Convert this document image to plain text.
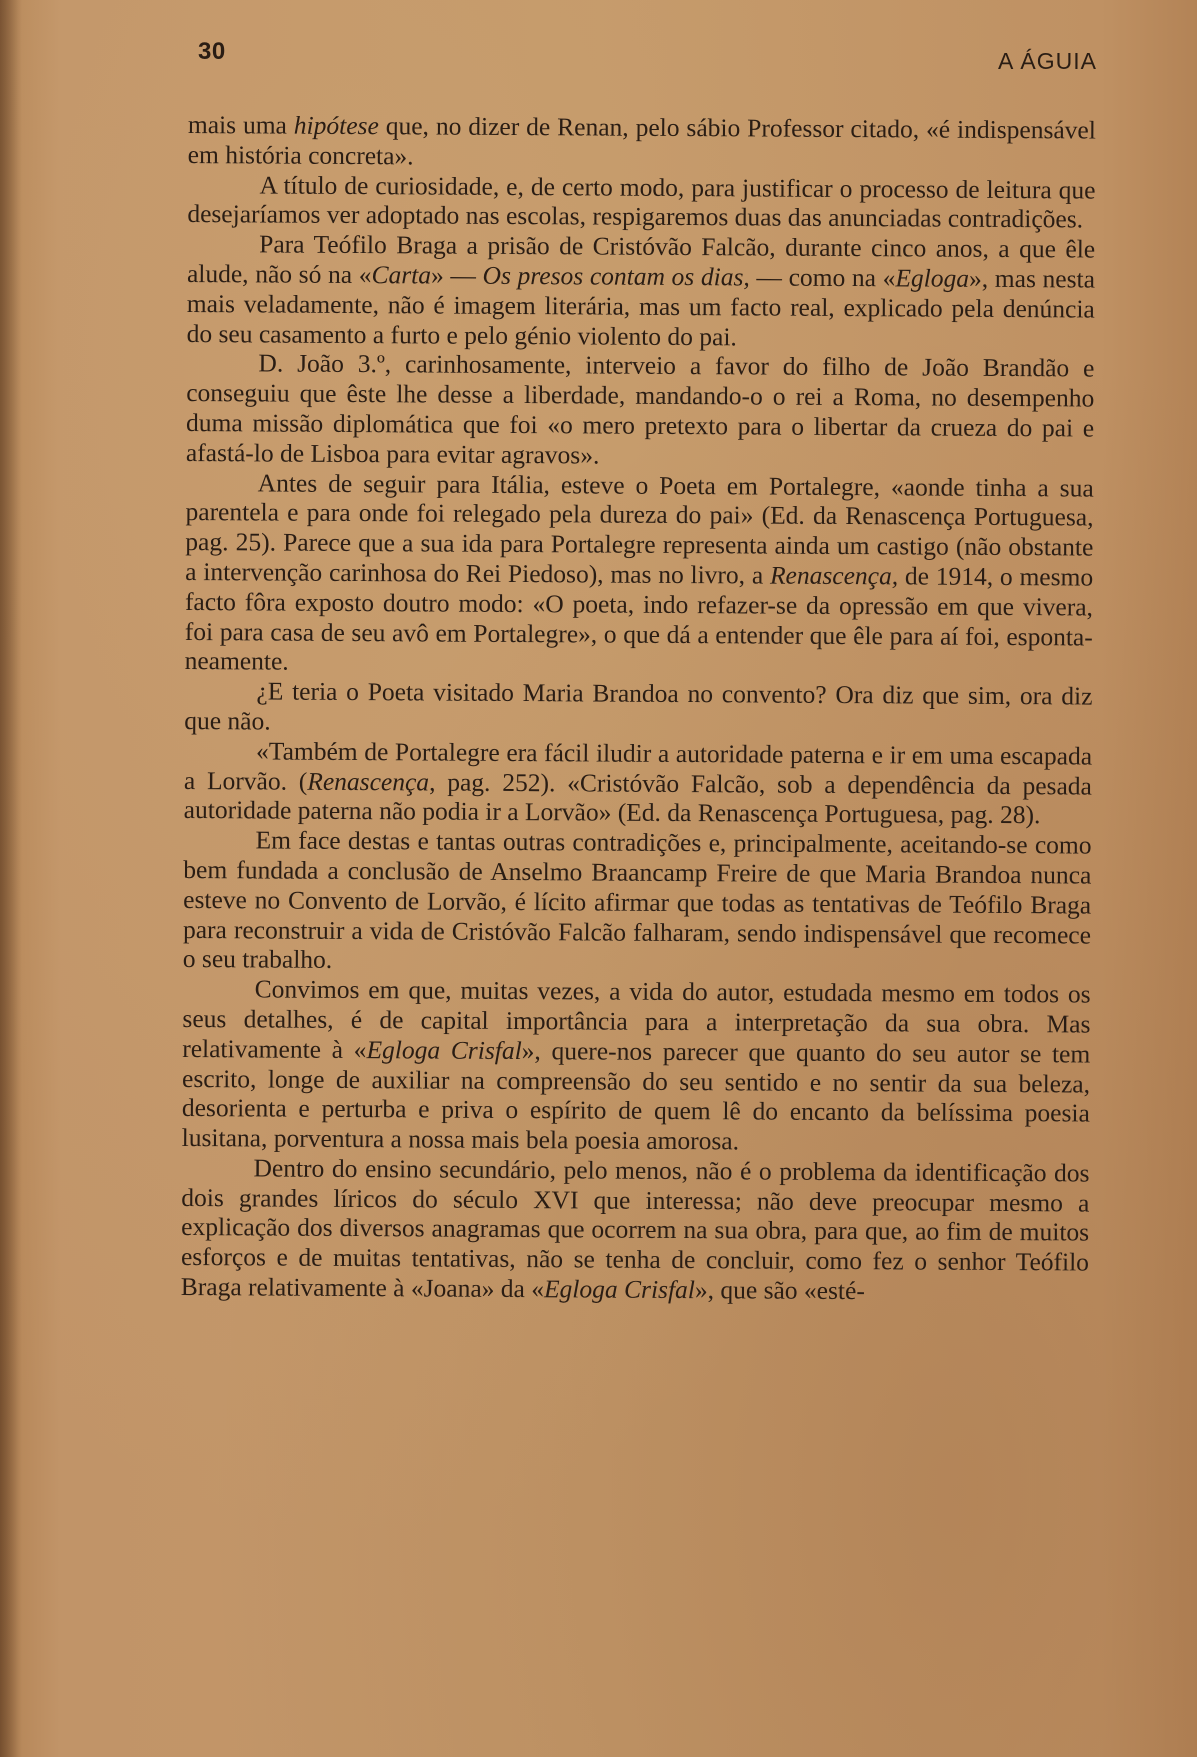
30	A ÁGUIA

mais uma hipótese que, no dizer de Renan, pelo sábio Professor citado, «é indispensável em história concreta».

A título de curiosidade, e, de certo modo, para justificar o processo de leitura que desejaríamos ver adoptado nas escolas, respigaremos duas das anunciadas contradições.

Para Teófilo Braga a prisão de Cristóvão Falcão, durante cinco anos, a que êle alude, não só na «Carta» — Os presos contam os dias, — como na «Egloga», mas nesta mais veladamente, não é imagem literária, mas um facto real, explicado pela denúncia do seu casamento a furto e pelo génio violento do pai.

D. João 3.º, carinhosamente, interveio a favor do filho de João Brandão e conseguiu que êste lhe desse a liberdade, mandando-o o rei a Roma, no desempenho duma missão diplomática que foi «o mero pretexto para o libertar da crueza do pai e afastá-lo de Lisboa para evitar agravos».

Antes de seguir para Itália, esteve o Poeta em Portalegre, «aonde tinha a sua parentela e para onde foi relegado pela dureza do pai» (Ed. da Renascença Portuguesa, pag. 25). Parece que a sua ida para Portalegre representa ainda um castigo (não obstante a intervenção carinhosa do Rei Piedoso), mas no livro, a Renascença, de 1914, o mesmo facto fôra exposto doutro modo: «O poeta, indo refazer-se da opressão em que vivera, foi para casa de seu avô em Portalegre», o que dá a entender que êle para aí foi, espontaneamente.

¿E teria o Poeta visitado Maria Brandoa no convento? Ora diz que sim, ora diz que não.

«Também de Portalegre era fácil iludir a autoridade paterna e ir em uma escapada a Lorvão. (Renascença, pag. 252). «Cristóvão Falcão, sob a dependência da pesada autoridade paterna não podia ir a Lorvão» (Ed. da Renascença Portuguesa, pag. 28).

Em face destas e tantas outras contradições e, principalmente, aceitando-se como bem fundada a conclusão de Anselmo Braancamp Freire de que Maria Brandoa nunca esteve no Convento de Lorvão, é lícito afirmar que todas as tentativas de Teófilo Braga para reconstruir a vida de Cristóvão Falcão falharam, sendo indispensável que recomece o seu trabalho.

Convimos em que, muitas vezes, a vida do autor, estudada mesmo em todos os seus detalhes, é de capital importância para a interpretação da sua obra. Mas relativamente à «Egloga Crisfal», quere-nos parecer que quanto do seu autor se tem escrito, longe de auxiliar na compreensão do seu sentido e no sentir da sua beleza, desorienta e perturba e priva o espírito de quem lê do encanto da belíssima poesia lusitana, porventura a nossa mais bela poesia amorosa.

Dentro do ensino secundário, pelo menos, não é o problema da identificação dos dois grandes líricos do século XVI que interessa; não deve preocupar mesmo a explicação dos diversos anagramas que ocorrem na sua obra, para que, ao fim de muitos esforços e de muitas tentativas, não se tenha de concluir, como fez o senhor Teófilo Braga relativamente à «Joana» da «Egloga Crisfal», que são «esté-
